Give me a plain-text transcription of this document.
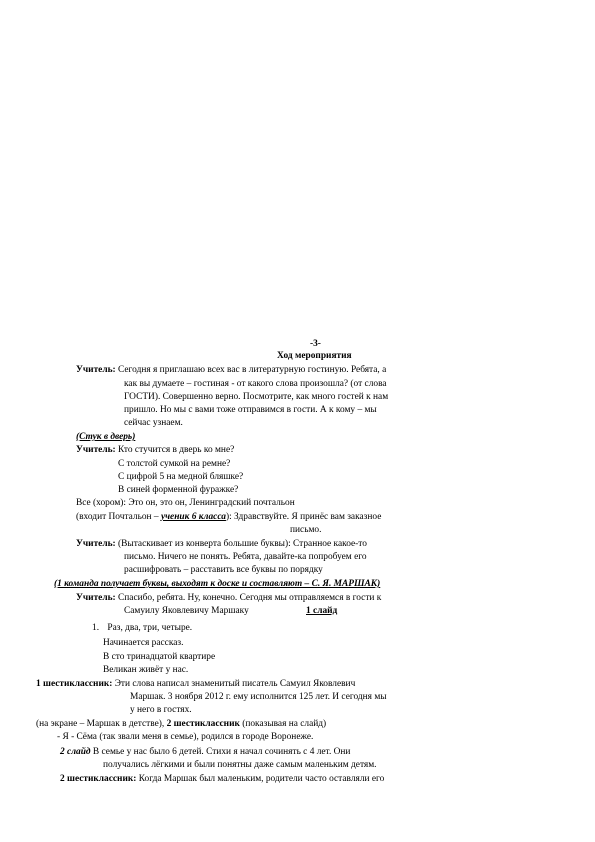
-3-
Ход мероприятия
Учитель: Сегодня я приглашаю всех вас в литературную гостиную. Ребята, а
как вы думаете – гостиная - от какого слова произошла? (от слова
ГОСТИ). Совершенно верно. Посмотрите, как много гостей к нам
пришло. Но мы с вами тоже отправимся в гости. А к кому – мы
сейчас узнаем.
(Стук в дверь)
Учитель: Кто стучится в дверь ко мне?
С толстой сумкой на ремне?
С цифрой 5 на медной бляшке?
В синей форменной фуражке?
Все (хором): Это он, это он, Ленинградский почтальон
(входит Почтальон – ученик 6 класса): Здравствуйте. Я принёс вам заказное
письмо.
Учитель: (Вытаскивает из конверта большие буквы): Странное какое-то
письмо. Ничего не понять. Ребята, давайте-ка попробуем его
расшифровать – расставить все буквы по порядку
(1 команда получает буквы, выходят к доске и составляют – С. Я. МАРШАК)
Учитель: Спасибо, ребята. Ну, конечно. Сегодня мы отправляемся в гости к
Самуилу Яковлевичу Маршаку	1 слайд
1. Раз, два, три, четыре.
Начинается рассказ.
В сто тринадцатой квартире
Великан живёт у нас.
1 шестиклассник: Эти слова написал знаменитый писатель Самуил Яковлевич
Маршак. 3 ноября 2012 г. ему исполнится 125 лет. И сегодня мы
у него в гостях.
(на экране – Маршак в детстве), 2 шестиклассник (показывая на слайд)
- Я - Сёма (так звали меня в семье), родился в городе Воронеже.
2 слайд В семье у нас было 6 детей. Стихи я начал сочинять с 4 лет. Они
получались лёгкими и были понятны даже самым маленьким детям.
2 шестиклассник: Когда Маршак был маленьким, родители часто оставляли его
